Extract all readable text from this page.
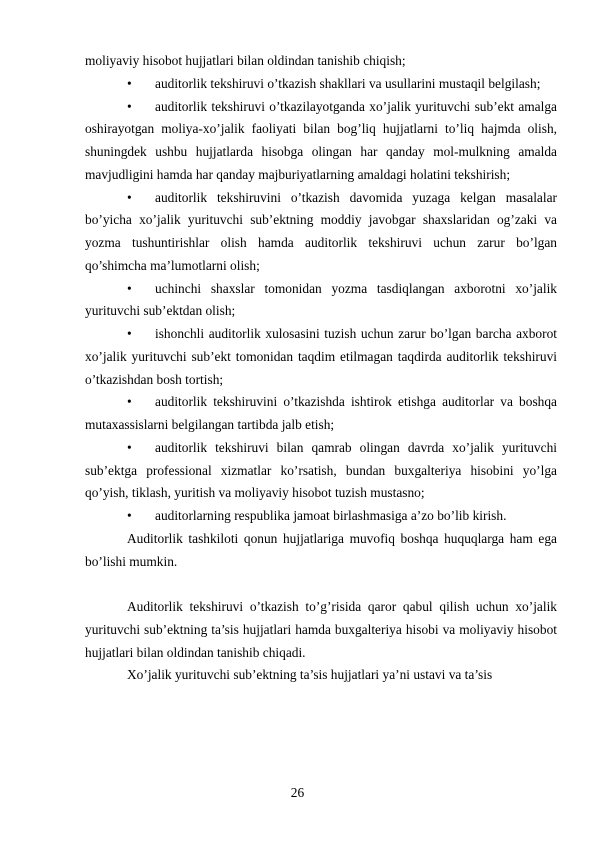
moliyaviy hisobot hujjatlari bilan oldindan tanishib chiqish;

• auditorlik tekshiruvi o’tkazish shakllari va usullarini mustaqil belgilash;

• auditorlik tekshiruvi o’tkazilayotganda xo’jalik yurituvchi sub’ekt amalga oshirayotgan moliya-xo’jalik faoliyati bilan bog’liq hujjatlarni to’liq hajmda olish, shuningdek ushbu hujjatlarda hisobga olingan har qanday mol-mulkning amalda mavjudligini hamda har qanday majburiyatlarning amaldagi holatini tekshirish;

• auditorlik tekshiruvini o’tkazish davomida yuzaga kelgan masalalar bo’yicha xo’jalik yurituvchi sub’ektning moddiy javobgar shaxslaridan og’zaki va yozma tushuntirishlar olish hamda auditorlik tekshiruvi uchun zarur bo’lgan qo’shimcha ma’lumotlarni olish;

• uchinchi shaxslar tomonidan yozma tasdiqlangan axborotni xo’jalik yurituvchi sub’ektdan olish;

• ishonchli auditorlik xulosasini tuzish uchun zarur bo’lgan barcha axborot xo’jalik yurituvchi sub’ekt tomonidan taqdim etilmagan taqdirda auditorlik tekshiruvi o’tkazishdan bosh tortish;

• auditorlik tekshiruvini o’tkazishda ishtirok etishga auditorlar va boshqa mutaxassislarni belgilangan tartibda jalb etish;

• auditorlik tekshiruvi bilan qamrab olingan davrda xo’jalik yurituvchi sub’ektga professional xizmatlar ko’rsatish, bundan buxgalteriya hisobini yo’lga qo’yish, tiklash, yuritish va moliyaviy hisobot tuzish mustasno;

• auditorlarning respublika jamoat birlashmasiga a’zo bo’lib kirish.

Auditorlik tashkiloti qonun hujjatlariga muvofiq boshqa huquqlarga ham ega bo’lishi mumkin.

Auditorlik tekshiruvi o’tkazish to’g’risida qaror qabul qilish uchun xo’jalik yurituvchi sub’ektning ta’sis hujjatlari hamda buxgalteriya hisobi va moliyaviy hisobot hujjatlari bilan oldindan tanishib chiqadi.

Xo’jalik yurituvchi sub’ektning ta’sis hujjatlari ya’ni ustavi va ta’sis

26
